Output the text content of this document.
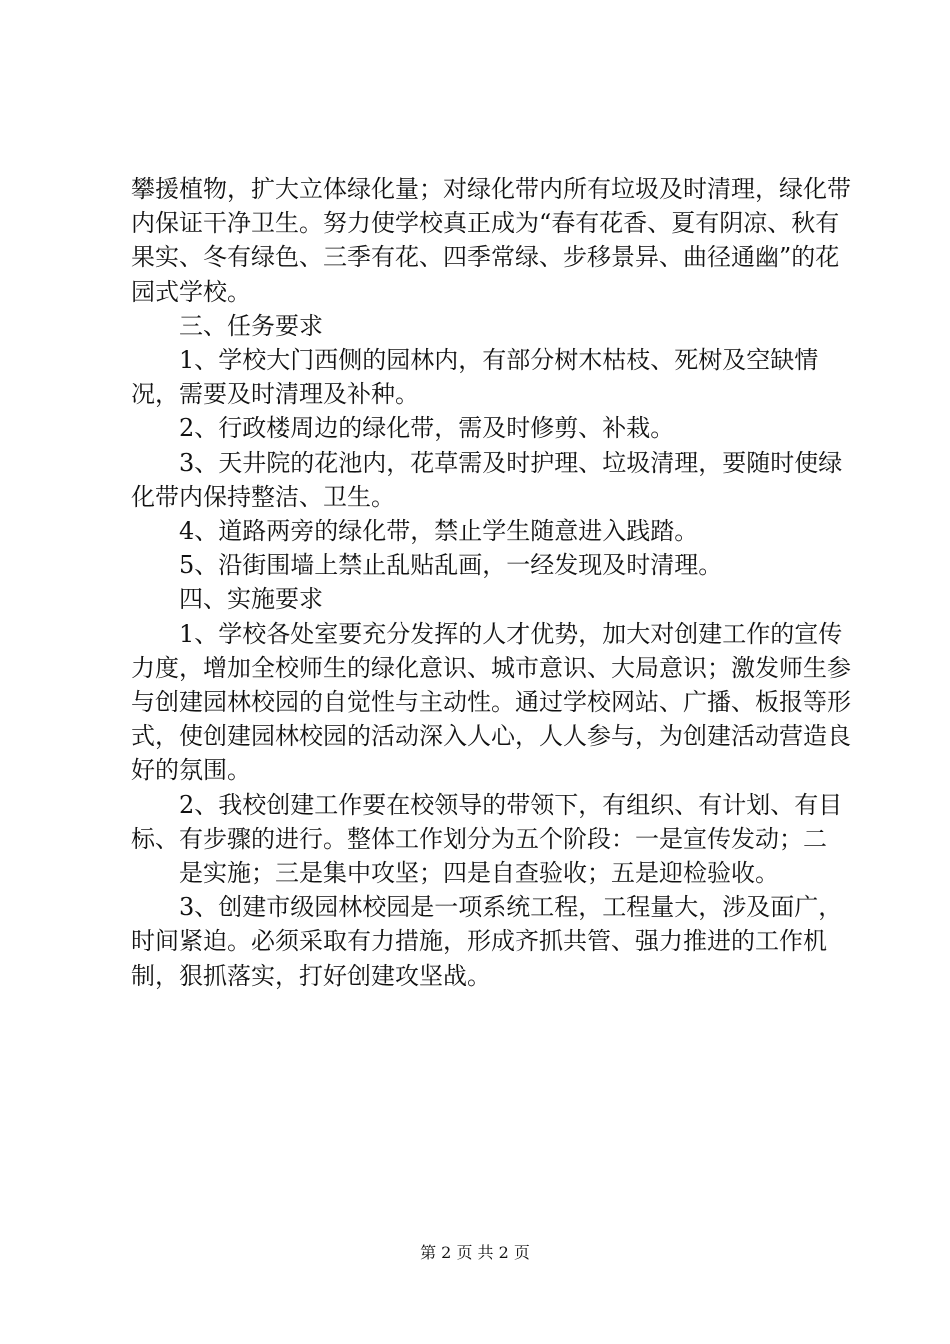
攀援植物，扩大立体绿化量；对绿化带内所有垃圾及时清理，绿化带内保证干净卫生。努力使学校真正成为“春有花香、夏有阴凉、秋有果实、冬有绿色、三季有花、四季常绿、步移景异、曲径通幽”的花园式学校。

三、任务要求

1、学校大门西侧的园林内，有部分树木枯枝、死树及空缺情况，需要及时清理及补种。

2、行政楼周边的绿化带，需及时修剪、补栽。

3、天井院的花池内，花草需及时护理、垃圾清理，要随时使绿化带内保持整洁、卫生。

4、道路两旁的绿化带，禁止学生随意进入践踏。

5、沿街围墙上禁止乱贴乱画，一经发现及时清理。

四、实施要求

1、学校各处室要充分发挥的人才优势，加大对创建工作的宣传力度，增加全校师生的绿化意识、城市意识、大局意识；激发师生参与创建园林校园的自觉性与主动性。通过学校网站、广播、板报等形式，使创建园林校园的活动深入人心，人人参与，为创建活动营造良好的氛围。

2、我校创建工作要在校领导的带领下，有组织、有计划、有目标、有步骤的进行。整体工作划分为五个阶段：一是宣传发动；二

是实施；三是集中攻坚；四是自查验收；五是迎检验收。

3、创建市级园林校园是一项系统工程，工程量大，涉及面广，时间紧迫。必须采取有力措施，形成齐抓共管、强力推进的工作机制，狠抓落实，打好创建攻坚战。

第 2 页 共 2 页
